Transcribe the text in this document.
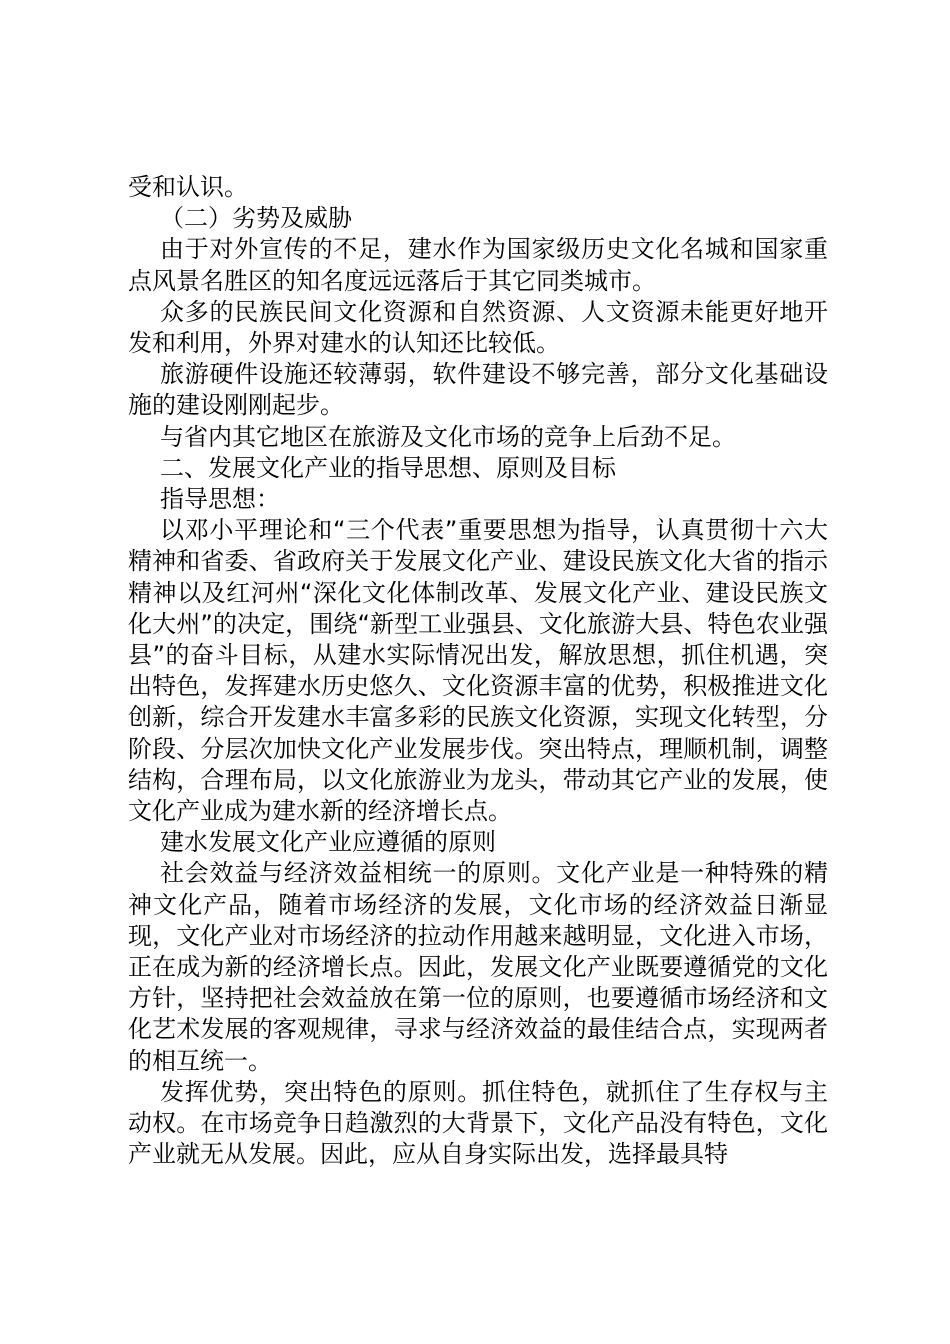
受和认识。

（二）劣势及威胁

由于对外宣传的不足，建水作为国家级历史文化名城和国家重点风景名胜区的知名度远远落后于其它同类城市。

众多的民族民间文化资源和自然资源、人文资源未能更好地开发和利用，外界对建水的认知还比较低。

旅游硬件设施还较薄弱，软件建设不够完善，部分文化基础设施的建设刚刚起步。

与省内其它地区在旅游及文化市场的竞争上后劲不足。

二、发展文化产业的指导思想、原则及目标

指导思想：

以邓小平理论和“三个代表”重要思想为指导，认真贯彻十六大精神和省委、省政府关于发展文化产业、建设民族文化大省的指示精神以及红河州“深化文化体制改革、发展文化产业、建设民族文化大州”的决定，围绕“新型工业强县、文化旅游大县、特色农业强县”的奋斗目标，从建水实际情况出发，解放思想，抓住机遇，突出特色，发挥建水历史悠久、文化资源丰富的优势，积极推进文化创新，综合开发建水丰富多彩的民族文化资源，实现文化转型，分阶段、分层次加快文化产业发展步伐。突出特点，理顺机制，调整结构，合理布局，以文化旅游业为龙头，带动其它产业的发展，使文化产业成为建水新的经济增长点。

建水发展文化产业应遵循的原则

社会效益与经济效益相统一的原则。文化产业是一种特殊的精神文化产品，随着市场经济的发展，文化市场的经济效益日渐显现，文化产业对市场经济的拉动作用越来越明显，文化进入市场，正在成为新的经济增长点。因此，发展文化产业既要遵循党的文化方针，坚持把社会效益放在第一位的原则，也要遵循市场经济和文化艺术发展的客观规律，寻求与经济效益的最佳结合点，实现两者的相互统一。

发挥优势，突出特色的原则。抓住特色，就抓住了生存权与主动权。在市场竞争日趋激烈的大背景下，文化产品没有特色，文化产业就无从发展。因此，应从自身实际出发，选择最具特
